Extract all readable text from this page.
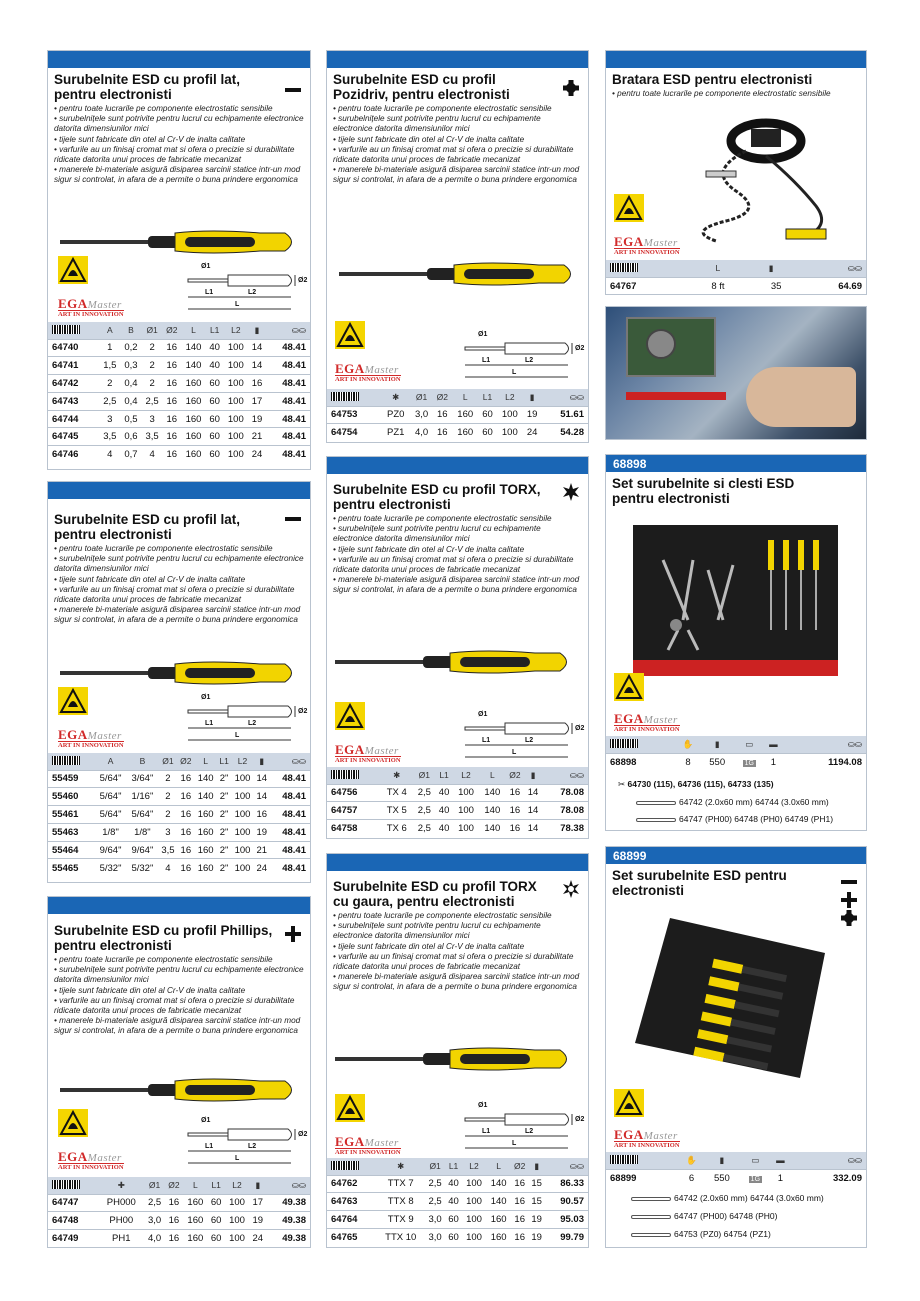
Surubelnite ESD cu profil lat, pentru electronisti
• pentru toate lucrarile pe componente electrostatic sensibile
• surubelnițele sunt potrivite pentru lucrul cu echipamente electronice datorita dimensiunilor mici
• tijele sunt fabricate din otel al Cr-V de inalta calitate
• varfurile au un finisaj cromat mat si ofera o precizie si durabilitate ridicate datorita unui proces de fabricatie mecanizat
• manerele bi-materiale asigură disiparea sarcinii statice intr-un mod sigur si controlat, in afara de a permite o buna prindere ergonomica
EGAMaster
ART IN INNOVATION
Ø1
Ø2
L1	L2
L
	A	B	Ø1	Ø2	L	L1	L2	▮	⛀⛀
64740	1	0,2	2	16	140	40	100	14	48.41
64741	1,5	0,3	2	16	140	40	100	14	48.41
64742	2	0,4	2	16	160	60	100	16	48.41
64743	2,5	0,4	2,5	16	160	60	100	17	48.41
64744	3	0,5	3	16	160	60	100	19	48.41
64745	3,5	0,6	3,5	16	160	60	100	21	48.41
64746	4	0,7	4	16	160	60	100	24	48.41
Surubelnite ESD cu profil lat, pentru electronisti
• pentru toate lucrarile pe componente electrostatic sensibile
• surubelnițele sunt potrivite pentru lucrul cu echipamente electronice datorita dimensiunilor mici
• tijele sunt fabricate din otel al Cr-V de inalta calitate
• varfurile au un finisaj cromat mat si ofera o precizie si durabilitate ridicate datorita unui proces de fabricatie mecanizat
• manerele bi-materiale asigură disiparea sarcinii statice intr-un mod sigur si controlat, in afara de a permite o buna prindere ergonomica
EGAMaster
ART IN INNOVATION
Ø1
Ø2
L1	L2
L
	A	B	Ø1	Ø2	L	L1	L2	▮	⛀⛀
55459	5/64"	3/64"	2	16	140	2"	100	14	48.41
55460	5/64"	1/16"	2	16	140	2"	100	14	48.41
55461	5/64"	5/64"	2	16	160	2"	100	16	48.41
55463	1/8"	1/8"	3	16	160	2"	100	19	48.41
55464	9/64"	9/64"	3,5	16	160	2"	100	21	48.41
55465	5/32"	5/32"	4	16	160	2"	100	24	48.41
Surubelnite ESD cu profil Phillips, pentru electronisti
• pentru toate lucrarile pe componente electrostatic sensibile
• surubelnițele sunt potrivite pentru lucrul cu echipamente electronice datorita dimensiunilor mici
• tijele sunt fabricate din otel al Cr-V de inalta calitate
• varfurile au un finisaj cromat mat si ofera o precizie si durabilitate ridicate datorita unui proces de fabricatie mecanizat
• manerele bi-materiale asigură disiparea sarcinii statice intr-un mod sigur si controlat, in afara de a permite o buna prindere ergonomica
EGAMaster
ART IN INNOVATION
Ø1
Ø2
L1	L2
L
	✚	Ø1	Ø2	L	L1	L2	▮	⛀⛀
64747	PH000	2,5	16	160	60	100	17	49.38
64748	PH00	3,0	16	160	60	100	19	49.38
64749	PH1	4,0	16	160	60	100	24	49.38
Surubelnite ESD cu profil Pozidriv, pentru electronisti
• pentru toate lucrarile pe componente electrostatic sensibile
• surubelnițele sunt potrivite pentru lucrul cu echipamente electronice datorita dimensiunilor mici
• tijele sunt fabricate din otel al Cr-V de inalta calitate
• varfurile au un finisaj cromat mat si ofera o precizie si durabilitate ridicate datorita unui proces de fabricatie mecanizat
• manerele bi-materiale asigură disiparea sarcinii statice intr-un mod sigur si controlat, in afara de a permite o buna prindere ergonomica
EGAMaster
ART IN INNOVATION
Ø1
Ø2
L1	L2
L
	✱	Ø1	Ø2	L	L1	L2	▮	⛀⛀
64753	PZ0	3,0	16	160	60	100	19	51.61
64754	PZ1	4,0	16	160	60	100	24	54.28
Surubelnite ESD cu profil TORX, pentru electronisti
• pentru toate lucrarile pe componente electrostatic sensibile
• surubelnițele sunt potrivite pentru lucrul cu echipamente electronice datorita dimensiunilor mici
• tijele sunt fabricate din otel al Cr-V de inalta calitate
• varfurile au un finisaj cromat mat si ofera o precizie si durabilitate ridicate datorita unui proces de fabricatie mecanizat
• manerele bi-materiale asigură disiparea sarcinii statice intr-un mod sigur si controlat, in afara de a permite o buna prindere ergonomica
EGAMaster
ART IN INNOVATION
Ø1
Ø2
L1	L2
L
	✱	Ø1	L1	L2	L	Ø2	▮	⛀⛀
64756	TX 4	2,5	40	100	140	16	14	78.08
64757	TX 5	2,5	40	100	140	16	14	78.08
64758	TX 6	2,5	40	100	140	16	14	78.38
Surubelnite ESD cu profil TORX cu gaura, pentru electronisti
• pentru toate lucrarile pe componente electrostatic sensibile
• surubelnițele sunt potrivite pentru lucrul cu echipamente electronice datorita dimensiunilor mici
• tijele sunt fabricate din otel al Cr-V de inalta calitate
• varfurile au un finisaj cromat mat si ofera o precizie si durabilitate ridicate datorita unui proces de fabricatie mecanizat
• manerele bi-materiale asigură disiparea sarcinii statice intr-un mod sigur si controlat, in afara de a permite o buna prindere ergonomica
EGAMaster
ART IN INNOVATION
Ø1
Ø2
L1	L2
L
	✱	Ø1	L1	L2	L	Ø2	▮	⛀⛀
64762	TTX 7	2,5	40	100	140	16	15	86.33
64763	TTX 8	2,5	40	100	140	16	15	90.57
64764	TTX 9	3,0	60	100	160	16	19	95.03
64765	TTX 10	3,0	60	100	160	16	19	99.79
Bratara ESD pentru electronisti
• pentru toate lucrarile pe componente electrostatic sensibile
EGAMaster
ART IN INNOVATION
	L	▮	⛀⛀
64767	8 ft	35	64.69
68898
Set surubelnite si clesti ESD pentru electronisti
EGAMaster
ART IN INNOVATION
	✋	▮	▭	▬	⛀⛀
68898	8	550	1G	1	1194.08
✂ 64730 (115), 64736 (115), 64733 (135)
64742 (2.0x60 mm) 64744 (3.0x60 mm)
64747 (PH00) 64748 (PH0) 64749 (PH1)
68899
Set surubelnite ESD pentru electronisti
EGAMaster
ART IN INNOVATION
	✋	▮	▭	▬	⛀⛀
68899	6	550	1G	1	332.09
64742 (2.0x60 mm) 64744 (3.0x60 mm)
64747 (PH00) 64748 (PH0)
64753 (PZ0) 64754 (PZ1)
